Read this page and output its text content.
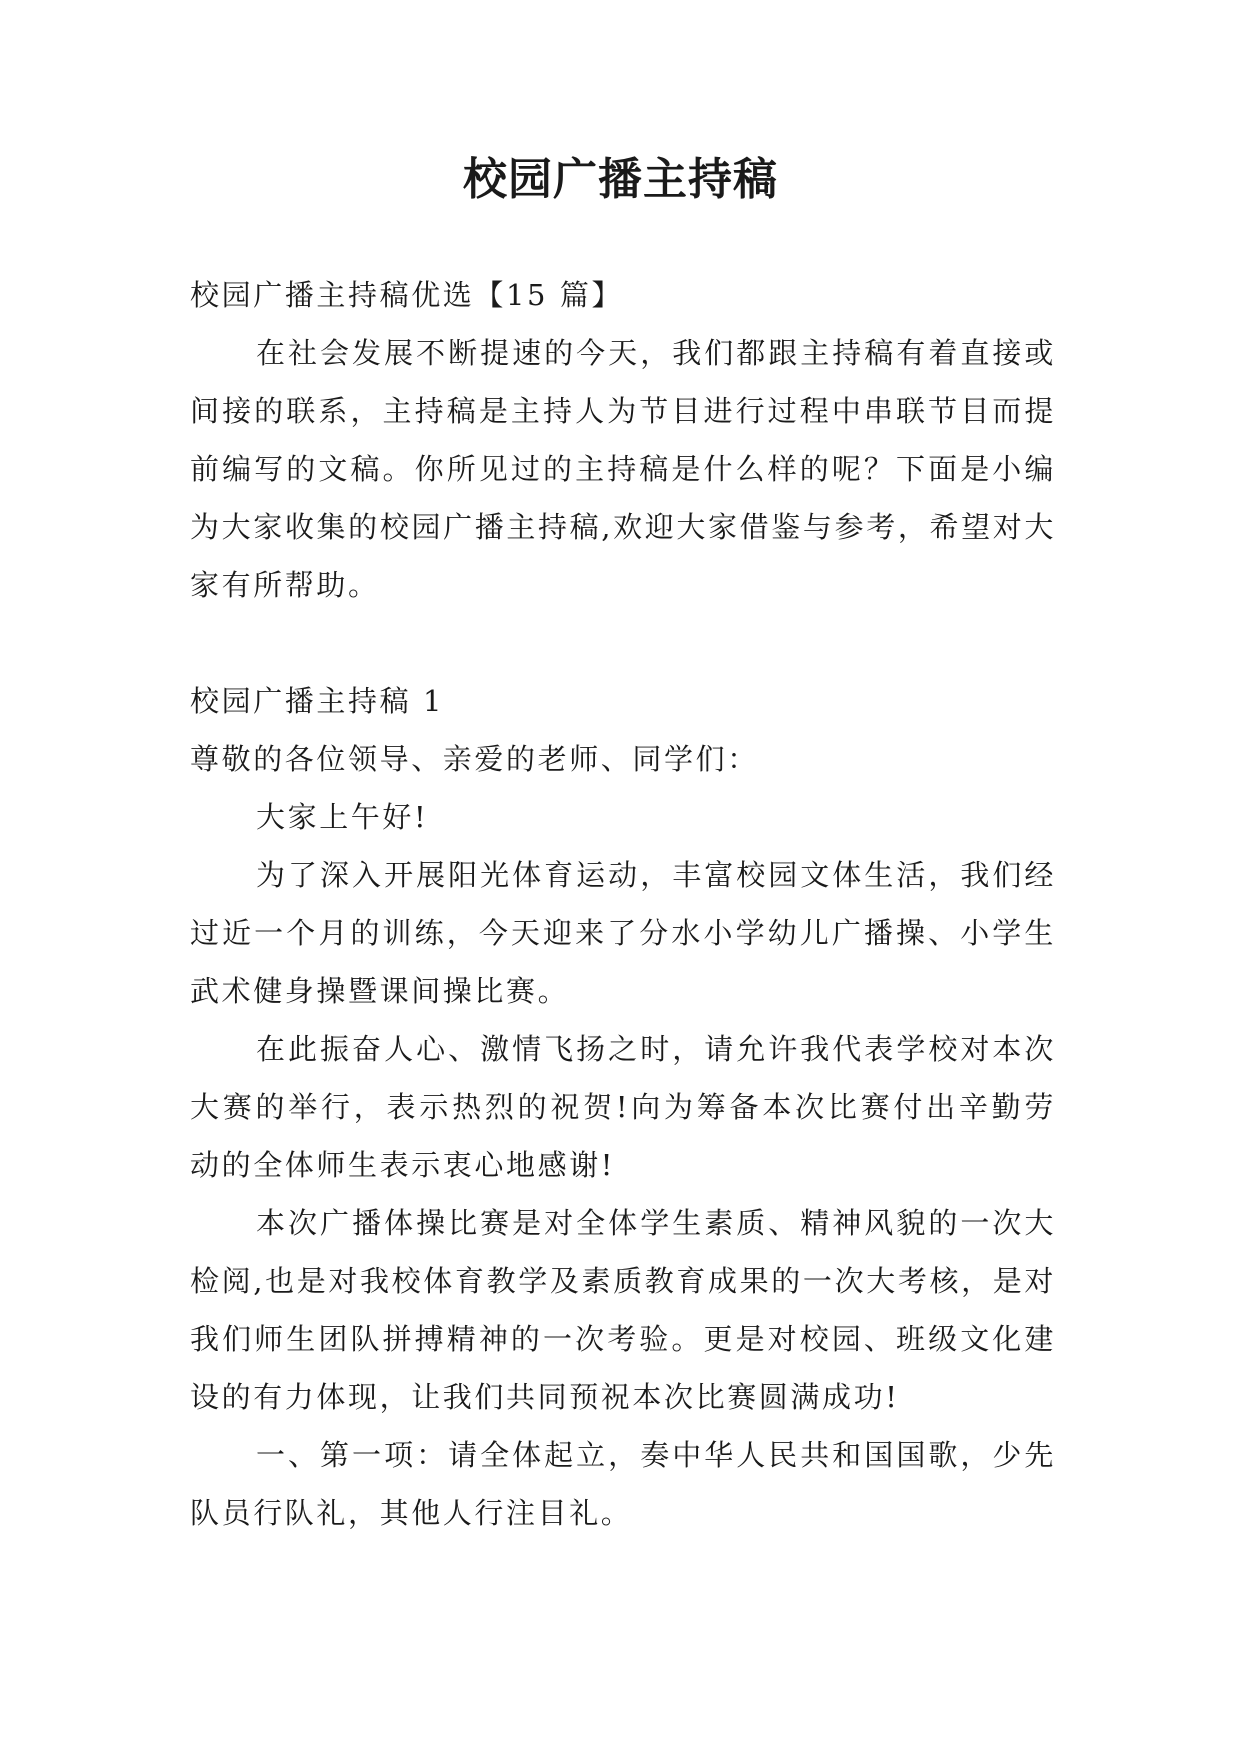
校园广播主持稿

校园广播主持稿优选【15 篇】

在社会发展不断提速的今天，我们都跟主持稿有着直接或间接的联系，主持稿是主持人为节目进行过程中串联节目而提前编写的文稿。你所见过的主持稿是什么样的呢？下面是小编为大家收集的校园广播主持稿,欢迎大家借鉴与参考，希望对大家有所帮助。

校园广播主持稿 1

尊敬的各位领导、亲爱的老师、同学们：

大家上午好!

为了深入开展阳光体育运动，丰富校园文体生活，我们经过近一个月的训练，今天迎来了分水小学幼儿广播操、小学生武术健身操暨课间操比赛。

在此振奋人心、激情飞扬之时，请允许我代表学校对本次大赛的举行，表示热烈的祝贺!向为筹备本次比赛付出辛勤劳动的全体师生表示衷心地感谢!

本次广播体操比赛是对全体学生素质、精神风貌的一次大检阅,也是对我校体育教学及素质教育成果的一次大考核，是对我们师生团队拼搏精神的一次考验。更是对校园、班级文化建设的有力体现，让我们共同预祝本次比赛圆满成功!

一、第一项：请全体起立，奏中华人民共和国国歌，少先队员行队礼，其他人行注目礼。
